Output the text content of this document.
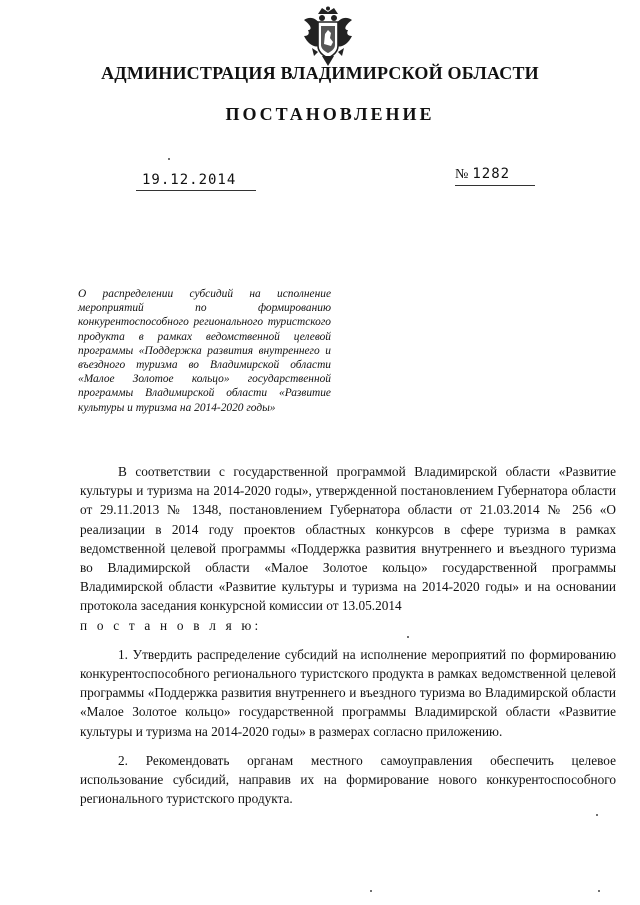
АДМИНИСТРАЦИЯ ВЛАДИМИРСКОЙ ОБЛАСТИ
ПОСТАНОВЛЕНИЕ
19.12.2014	№ 1282
О распределении субсидий на исполнение мероприятий по формированию конкурентоспособного регионального туристского продукта в рамках ведомственной целевой программы «Поддержка развития внутреннего и въездного туризма во Владимирской области «Малое Золотое кольцо» государственной программы Владимирской области «Развитие культуры и туризма на 2014-2020 годы»

В соответствии с государственной программой Владимирской области «Развитие культуры и туризма на 2014-2020 годы», утвержденной постановлением Губернатора области от 29.11.2013 № 1348, постановлением Губернатора области от 21.03.2014 № 256 «О реализации в 2014 году проектов областных конкурсов в сфере туризма в рамках ведомственной целевой программы «Поддержка развития внутреннего и въездного туризма во Владимирской области «Малое Золотое кольцо» государственной программы Владимирской области «Развитие культуры и туризма на 2014-2020 годы» и на основании протокола заседания конкурсной комиссии от 13.05.2014

п о с т а н о в л я ю:

1. Утвердить распределение субсидий на исполнение мероприятий по формированию конкурентоспособного регионального туристского продукта в рамках ведомственной целевой программы «Поддержка развития внутреннего и въездного туризма во Владимирской области «Малое Золотое кольцо» государственной программы Владимирской области «Развитие культуры и туризма на 2014-2020 годы» в размерах согласно приложению.

2. Рекомендовать органам местного самоуправления обеспечить целевое использование субсидий, направив их на формирование нового конкурентоспособного регионального туристского продукта.
